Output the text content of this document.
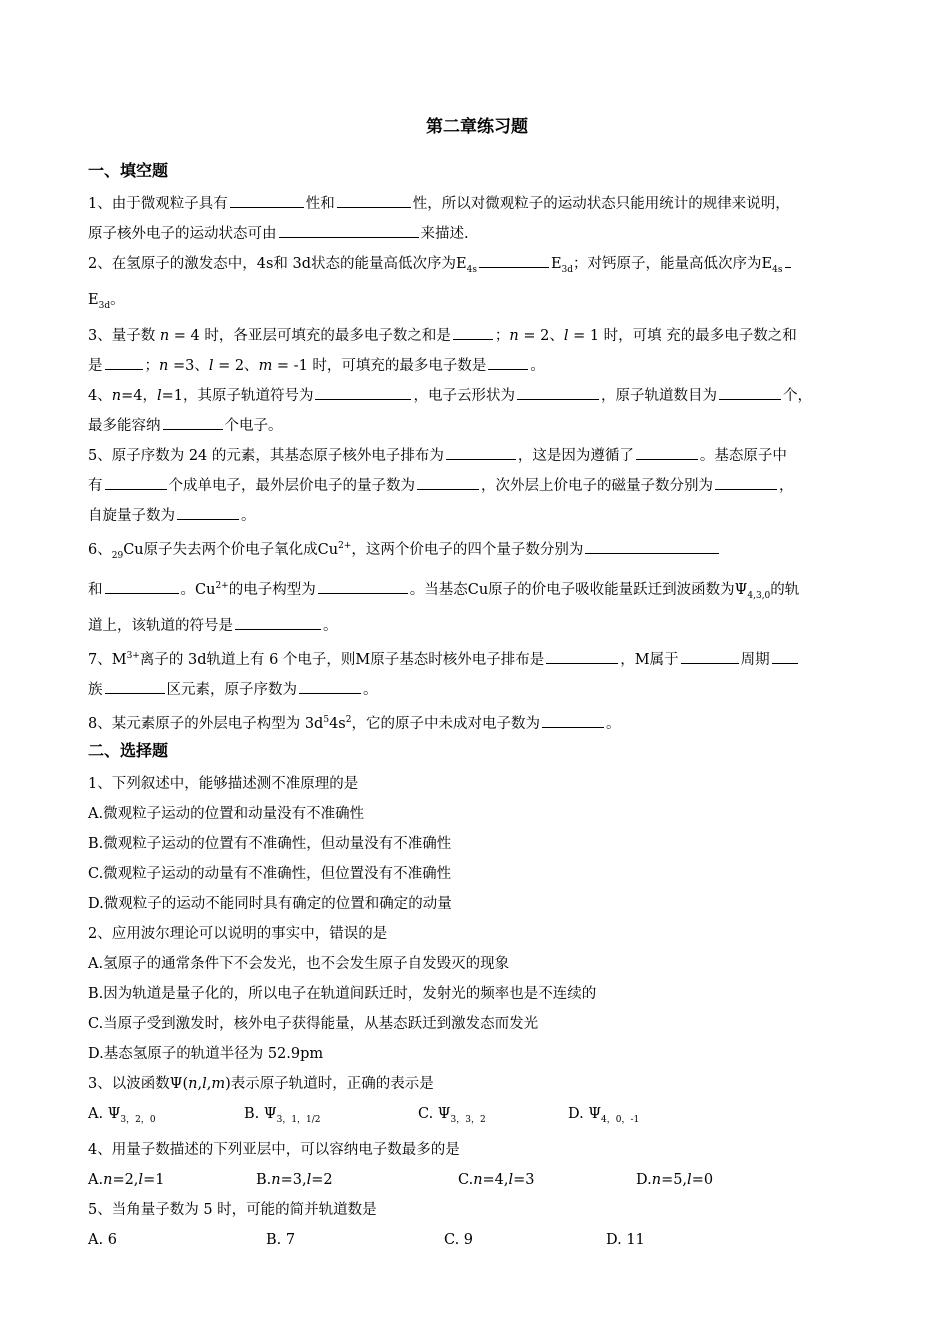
第二章练习题
一、填空题

1、由于微观粒子具有	性和	性，所以对微观粒子的运动状态只能用统计的规律来说明，

原子核外电子的运动状态可由	来描述.

2、在氢原子的激发态中，4s和 3d状态的能量高低次序为$E_{4s}$	$E_{3d}$；对钙原子，能量高低次序为$E_{4s}$

$E_{3d}$。

3、量子数 n = 4 时，各亚层可填充的最多电子数之和是	；n = 2、l = 1 时，可填 充的最多电子数之和

是	；n =3、l = 2、m = -1 时，可填充的最多电子数是	。

4、n=4，l=1，其原子轨道符号为	，电子云形状为	，原子轨道数目为	个，

最多能容纳	个电子。

5、原子序数为 24 的元素，其基态原子核外电子排布为	，这是因为遵循了	。基态原子中

有	个成单电子，最外层价电子的量子数为	，次外层上价电子的磁量子数分别为	，

自旋量子数为	。

6、$_{29}$Cu原子失去两个价电子氧化成$Cu^{2+}$，这两个价电子的四个量子数分别为

和	。$Cu^{2+}$的电子构型为	。当基态Cu原子的价电子吸收能量跃迁到波函数为$\Psi_{4,3,0}$的轨

道上，该轨道的符号是	。

7、$M^{3+}$离子的 3d轨道上有 6 个电子，则M原子基态时核外电子排布是	，M属于	周期

族	区元素，原子序数为	。

8、某元素原子的外层电子构型为 $3d^54s^2$，它的原子中未成对电子数为	。

二、选择题

1、下列叙述中，能够描述测不准原理的是

A.微观粒子运动的位置和动量没有不准确性

B.微观粒子运动的位置有不准确性，但动量没有不准确性

C.微观粒子运动的动量有不准确性，但位置没有不准确性

D.微观粒子的运动不能同时具有确定的位置和确定的动量

2、应用波尔理论可以说明的事实中，错误的是

A.氢原子的通常条件下不会发光，也不会发生原子自发毁灭的现象

B.因为轨道是量子化的，所以电子在轨道间跃迁时，发射光的频率也是不连续的

C.当原子受到激发时，核外电子获得能量，从基态跃迁到激发态而发光

D.基态氢原子的轨道半径为 52.9pm

3、以波函数Ψ(n,l,m)表示原子轨道时，正确的表示是

A. $\Psi_{3,2,0}$	B. $\Psi_{3,1,1/2}$	C. $\Psi_{3,3,2}$	D. $\Psi_{4,0,-1}$

4、用量子数描述的下列亚层中，可以容纳电子数最多的是

A.n=2,l=1	B.n=3,l=2	C.n=4,l=3	D.n=5,l=0

5、当角量子数为 5 时，可能的简并轨道数是

A. 6	B. 7	C. 9	D. 11
